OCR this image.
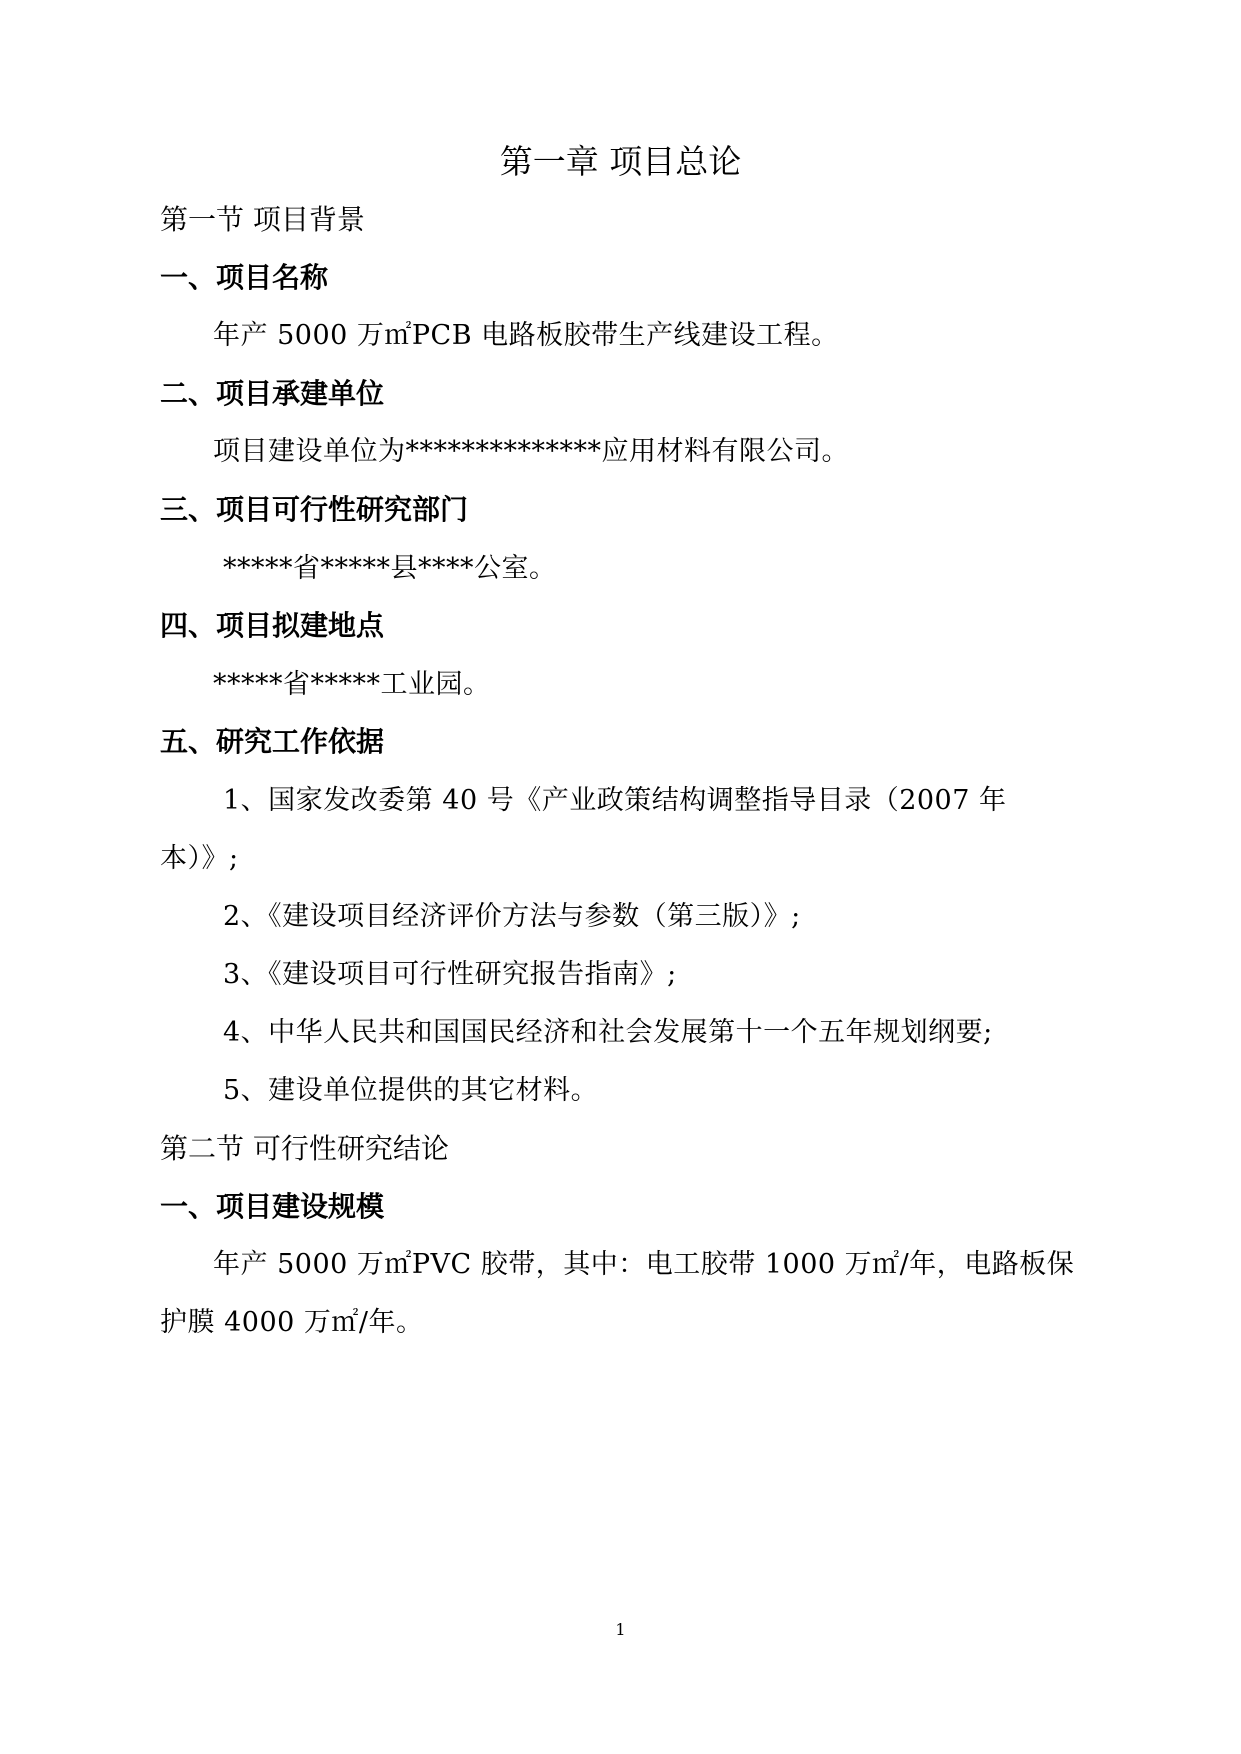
第一章 项目总论
第一节 项目背景
一、项目名称
年产 5000 万㎡PCB 电路板胶带生产线建设工程。
二、项目承建单位
项目建设单位为**************应用材料有限公司。
三、项目可行性研究部门
*****省*****县****公室。
四、项目拟建地点
*****省*****工业园。
五、研究工作依据
1、国家发改委第 40 号《产业政策结构调整指导目录（2007 年
本）》;
2、《建设项目经济评价方法与参数（第三版）》;
3、《建设项目可行性研究报告指南》;
4、中华人民共和国国民经济和社会发展第十一个五年规划纲要;
5、建设单位提供的其它材料。
第二节 可行性研究结论
一、项目建设规模
年产 5000 万㎡PVC 胶带，其中：电工胶带 1000 万㎡/年，电路板保
护膜 4000 万㎡/年。
1
